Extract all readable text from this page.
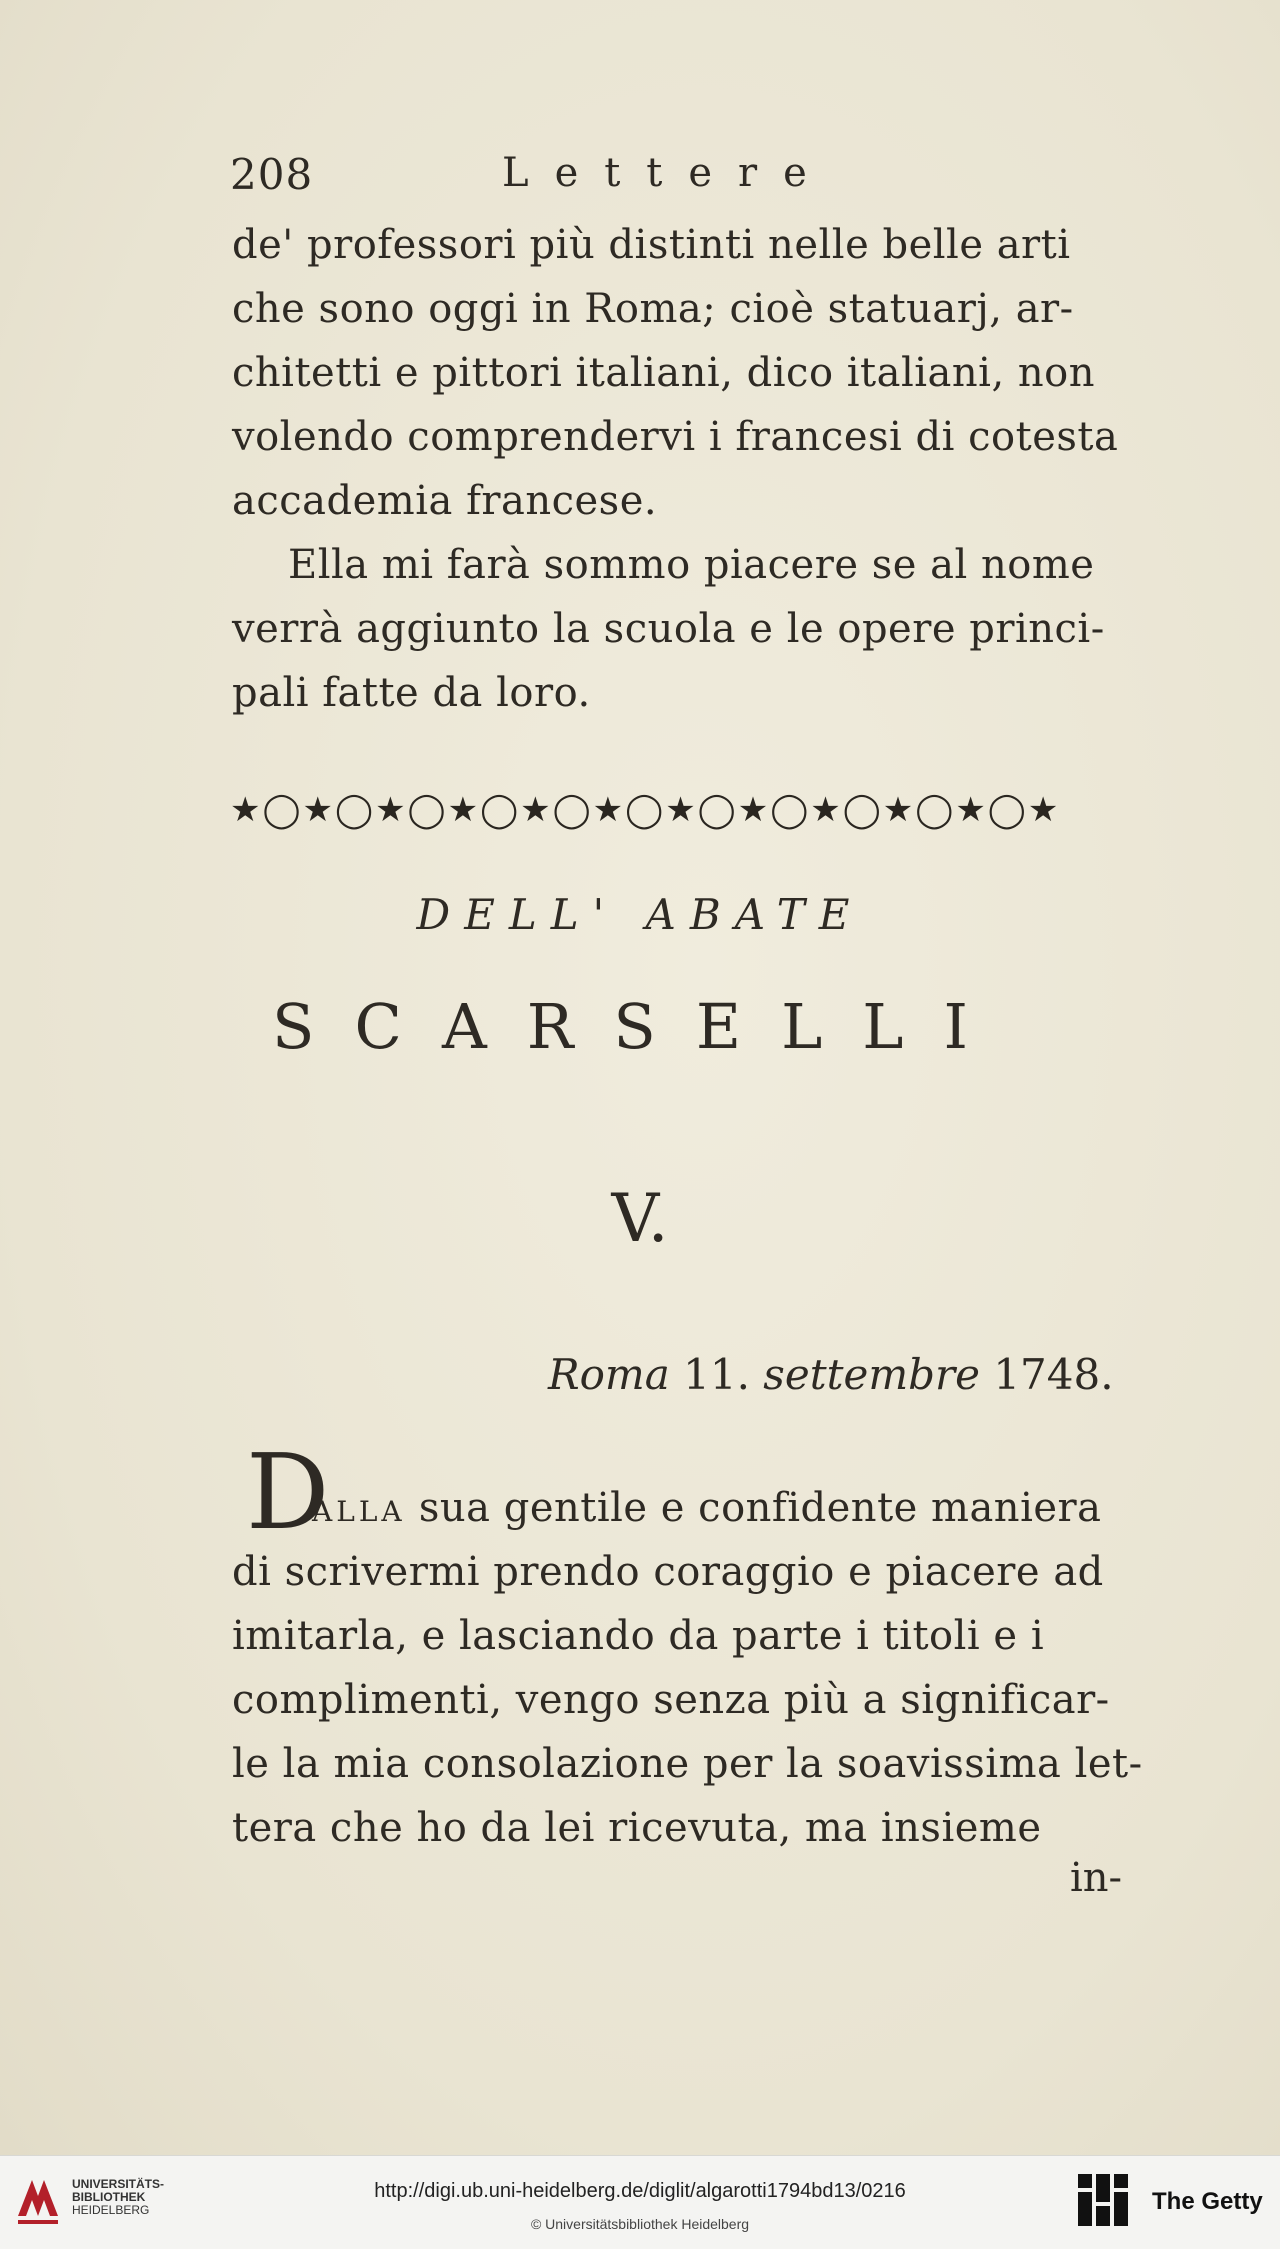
208	Lettere
de' professori più distinti nelle belle arti
che sono oggi in Roma; cioè statuarj, ar-
chitetti e pittori italiani, dico italiani, non
volendo comprendervi i francesi di cotesta
accademia francese.
Ella mi farà sommo piacere se al nome
verrà aggiunto la scuola e le opere princi-
pali fatte da loro.
★◯★◯★◯★◯★◯★◯★◯★◯★◯★◯★◯★
DELL' ABATE
SCARSELLI
V.
Roma 11. settembre 1748.
D
alla sua gentile e confidente maniera
di scrivermi prendo coraggio e piacere ad
imitarla, e lasciando da parte i titoli e i
complimenti, vengo senza più a significar-
le la mia consolazione per la soavissima let-
tera che ho da lei ricevuta, ma insieme
in-
UNIVERSITÄTS-
BIBLIOTHEK
HEIDELBERG
http://digi.ub.uni-heidelberg.de/diglit/algarotti1794bd13/0216
© Universitätsbibliothek Heidelberg
The Getty
